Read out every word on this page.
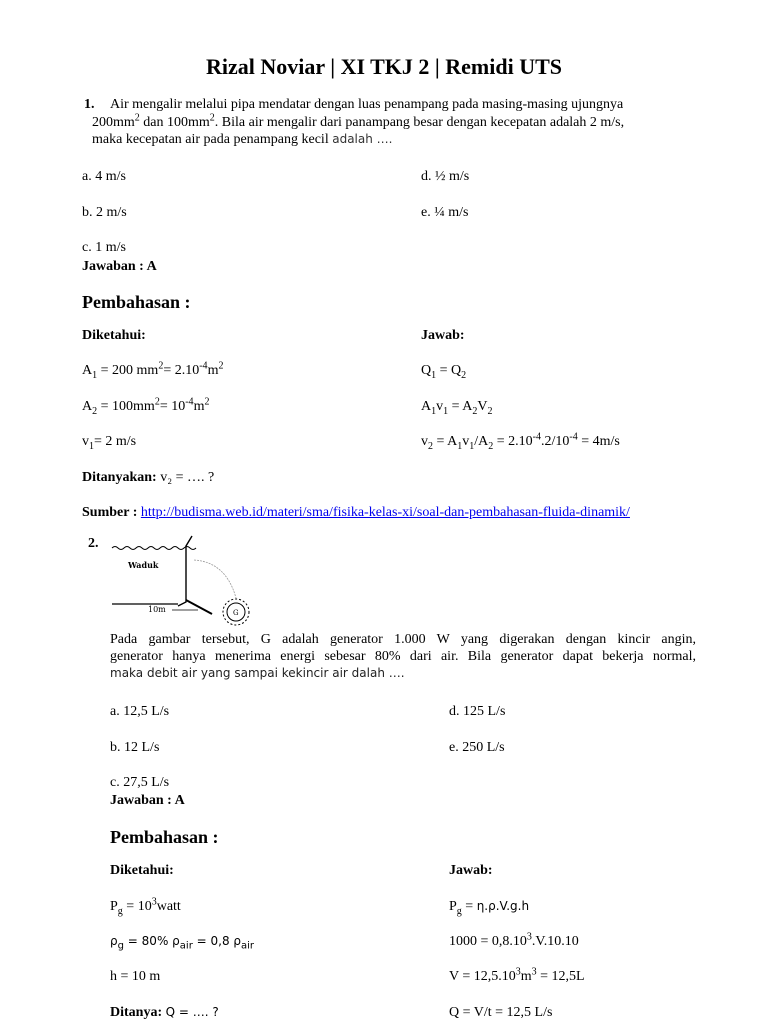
Rizal Noviar | XI TKJ 2 | Remidi UTS
1. Air mengalir melalui pipa mendatar dengan luas penampang pada masing-masing ujungnya
$200mm^2$ dan $100mm^2$. Bila air mengalir dari panampang besar dengan kecepatan adalah 2 m/s,
maka kecepatan air pada penampang kecil adalah ….
a. 4 m/s	d. ½ m/s
b. 2 m/s	e. ¼ m/s
c. 1 m/s
Jawaban : A
Pembahasan :
Diketahui:	Jawab:
$A_1 = 200$ $mm^2= 2.10^{-4}m^2$	$Q_1 = Q_2$
$A_2 = 100mm^2= 10^{-4}m^2$	$A_1v_1 = A_2V_2$
$v_1= 2$ m/s	$v_2 = A_1v_1/A_2 = 2.10^{-4}.2/10^{-4} = 4m/s$
Ditanyakan: v₂ = …. ?
Sumber : http://budisma.web.id/materi/sma/fisika-kelas-xi/soal-dan-pembahasan-fluida-dinamik/
2.
Waduk
10m	G
Pada gambar tersebut, G adalah generator 1.000 W yang digerakan dengan kincir angin,
generator hanya menerima energi sebesar 80% dari air. Bila generator dapat bekerja normal,
maka debit air yang sampai kekincir air dalah ….
a. 12,5 L/s	d. 125 L/s
b. 12 L/s	e. 250 L/s
c. 27,5 L/s
Jawaban : A
Pembahasan :
Diketahui:	Jawab:
$P_g$ = $10^3watt$	$P_g = \eta.\rho.V.g.h$
$\rho_g = 80\%$ $\rho_{air} = 0,8$ $\rho_{air}$	$1000 = 0,8.10^3.V.10.10$
h = 10 m	$V = 12,5.10^3m^3 = 12,5L$
Ditanya: Q = …. ?	Q = V/t = 12,5 L/s
